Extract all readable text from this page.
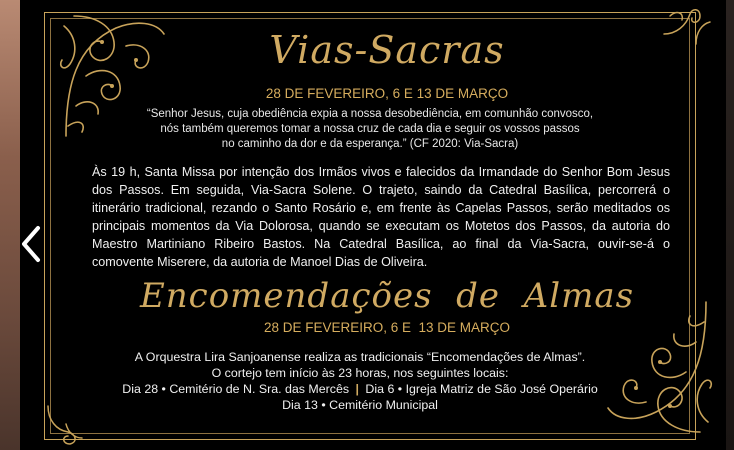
Vias-Sacras
28 DE FEVEREIRO, 6 E 13 DE MARÇO
“Senhor Jesus, cuja obediência expia a nossa desobediência, em comunhão convosco,
nós também queremos tomar a nossa cruz de cada dia e seguir os vossos passos
no caminho da dor e da esperança.” (CF 2020: Via-Sacra)
Às 19 h, Santa Missa por intenção dos Irmãos vivos e falecidos da Irmandade do Senhor Bom Jesus
dos Passos. Em seguida, Via-Sacra Solene. O trajeto, saindo da Catedral Basílica, percorrerá o
itinerário tradicional, rezando o Santo Rosário e, em frente às Capelas Passos, serão meditados os
principais momentos da Via Dolorosa, quando se executam os Motetos dos Passos, da autoria do
Maestro Martiniano Ribeiro Bastos. Na Catedral Basílica, ao final da Via-Sacra, ouvir-se-á o
comovente Miserere, da autoria de Manoel Dias de Oliveira.
Encomendações  de  Almas
28 DE FEVEREIRO, 6 E  13 DE MARÇO
A Orquestra Lira Sanjoanense realiza as tradicionais “Encomendações de Almas”.
O cortejo tem início às 23 horas, nos seguintes locais:
Dia 28 • Cemitério de N. Sra. das Mercês | Dia 6 • Igreja Matriz de São José Operário
Dia 13 • Cemitério Municipal
